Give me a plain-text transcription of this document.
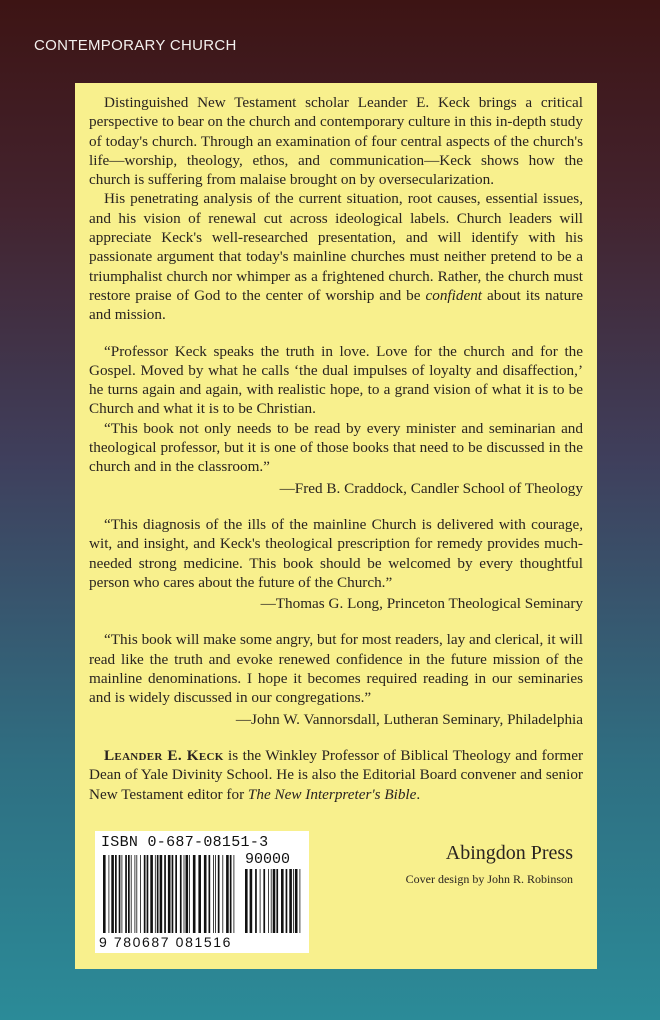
CONTEMPORARY CHURCH

Distinguished New Testament scholar Leander E. Keck brings a critical perspective to bear on the church and contemporary culture in this in-depth study of today's church. Through an examination of four central aspects of the church's life—worship, theology, ethos, and communication—Keck shows how the church is suffering from malaise brought on by oversecularization.

His penetrating analysis of the current situation, root causes, essential issues, and his vision of renewal cut across ideological labels. Church leaders will appreciate Keck's well-researched presentation, and will identify with his passionate argument that today's mainline churches must neither pretend to be a triumphalist church nor whimper as a frightened church. Rather, the church must restore praise of God to the center of worship and be confident about its nature and mission.

“Professor Keck speaks the truth in love. Love for the church and for the Gospel. Moved by what he calls ‘the dual impulses of loyalty and disaffection,’ he turns again and again, with realistic hope, to a grand vision of what it is to be Church and what it is to be Christian.

“This book not only needs to be read by every minister and seminarian and theological professor, but it is one of those books that need to be discussed in the church and in the classroom.”

—Fred B. Craddock, Candler School of Theology

“This diagnosis of the ills of the mainline Church is delivered with courage, wit, and insight, and Keck's theological prescription for remedy provides much-needed strong medicine. This book should be welcomed by every thoughtful person who cares about the future of the Church.”

—Thomas G. Long, Princeton Theological Seminary

“This book will make some angry, but for most readers, lay and clerical, it will read like the truth and evoke renewed confidence in the future mission of the mainline denominations. I hope it becomes required reading in our seminaries and is widely discussed in our congregations.”

—John W. Vannorsdall, Lutheran Seminary, Philadelphia

Leander E. Keck is the Winkley Professor of Biblical Theology and former Dean of Yale Divinity School. He is also the Editorial Board convener and senior New Testament editor for The New Interpreter's Bible.

ISBN 0-687-08151-3
90000
9 780687 081516
Abingdon Press
Cover design by John R. Robinson
